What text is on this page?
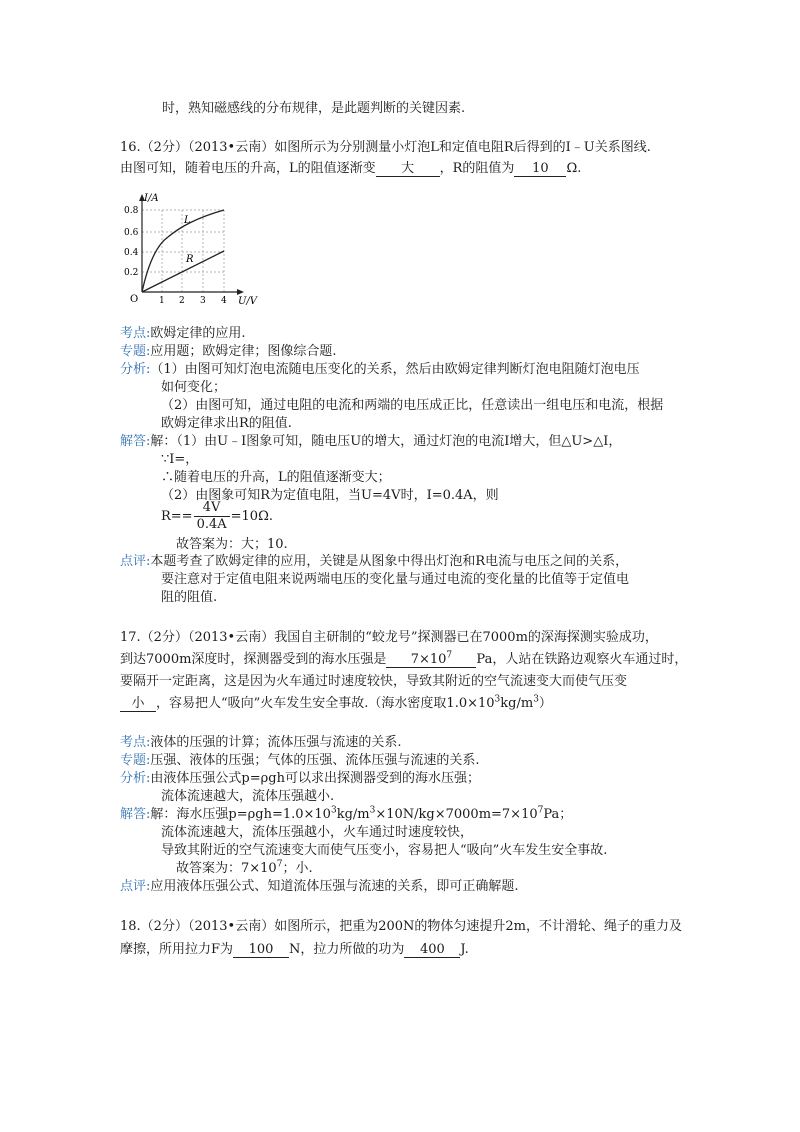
时，熟知磁感线的分布规律，是此题判断的关键因素.
16.（2分）（2013•云南）如图所示为分别测量小灯泡L和定值电阻R后得到的I﹣U关系图线.
由图可知，随着电压的升高，L的阻值逐渐变 大 ，R的阻值为 10 Ω.
I/A
U/V
O
0.2
0.4
0.6
0.8
1 2 3 4
L
R
考点:欧姆定律的应用.
专题:应用题；欧姆定律；图像综合题.
分析:（1）由图可知灯泡电流随电压变化的关系，然后由欧姆定律判断灯泡电阻随灯泡电压
如何变化；
（2）由图可知，通过电阻的电流和两端的电压成正比，任意读出一组电压和电流，根据
欧姆定律求出R的阻值.
解答:解：（1）由U﹣I图象可知，随电压U的增大，通过灯泡的电流I增大，但△U>△I，
∵I=，
∴随着电压的升高，L的阻值逐渐变大；
（2）由图象可知R为定值电阻，当U=4V时，I=0.4A，则
$R== \frac{4V}{0.4A} =10\Omega$.
故答案为：大；10.
点评:本题考查了欧姆定律的应用，关键是从图象中得出灯泡和R电流与电压之间的关系，
要注意对于定值电阻来说两端电压的变化量与通过电流的变化量的比值等于定值电
阻的阻值.
17.（2分）（2013•云南）我国自主研制的“蛟龙号”探测器已在7000m的深海探测实验成功，
到达7000m深度时，探测器受到的海水压强是 $7\times 10^7$ Pa，人站在铁路边观察火车通过时，
要隔开一定距离，这是因为火车通过时速度较快，导致其附近的空气流速变大而使气压变
小 ，容易把人“吸向”火车发生安全事故.（海水密度取$1.0\times 10^3kg/m^3$）
考点:液体的压强的计算；流体压强与流速的关系.
专题:压强、液体的压强；气体的压强、流体压强与流速的关系.
分析:由液体压强公式p=ρgh可以求出探测器受到的海水压强；
流体流速越大，流体压强越小.
解答:解：海水压强$p=\rho gh=1.0\times 10^3kg/m^3\times 10N/kg\times 7000m=7\times 10^7Pa$；
流体流速越大，流体压强越小，火车通过时速度较快，
导致其附近的空气流速变大而使气压变小，容易把人“吸向”火车发生安全事故.
故答案为：$7\times 10^7$；小.
点评:应用液体压强公式、知道流体压强与流速的关系，即可正确解题.
18.（2分）（2013•云南）如图所示，把重为200N的物体匀速提升2m，不计滑轮、绳子的重力及
摩擦，所用拉力F为 100 N，拉力所做的功为 400 J.
